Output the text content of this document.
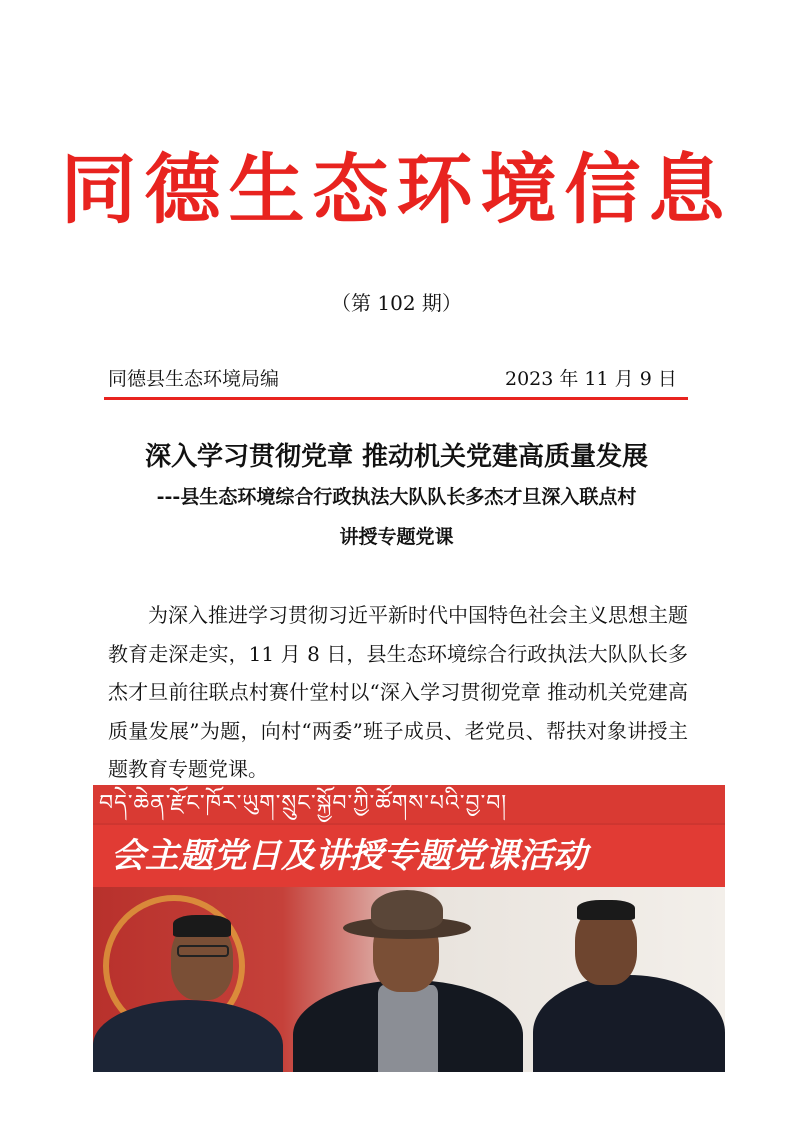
同德生态环境信息
（第 102 期）
同德县生态环境局编	2023 年 11 月 9 日
深入学习贯彻党章 推动机关党建高质量发展
---县生态环境综合行政执法大队队长多杰才旦深入联点村
讲授专题党课

为深入推进学习贯彻习近平新时代中国特色社会主义思想主题教育走深走实，11 月 8 日，县生态环境综合行政执法大队队长多杰才旦前往联点村赛什堂村以“深入学习贯彻党章 推动机关党建高质量发展”为题，向村“两委”班子成员、老党员、帮扶对象讲授主题教育专题党课。

བདེ་ཆེན་རྫོང་ཁོར་ཡུག་སྲུང་སྐྱོབ་ཀྱི་ཚོགས་པའི་བྱ་བ།
会主题党日及讲授专题党课活动
